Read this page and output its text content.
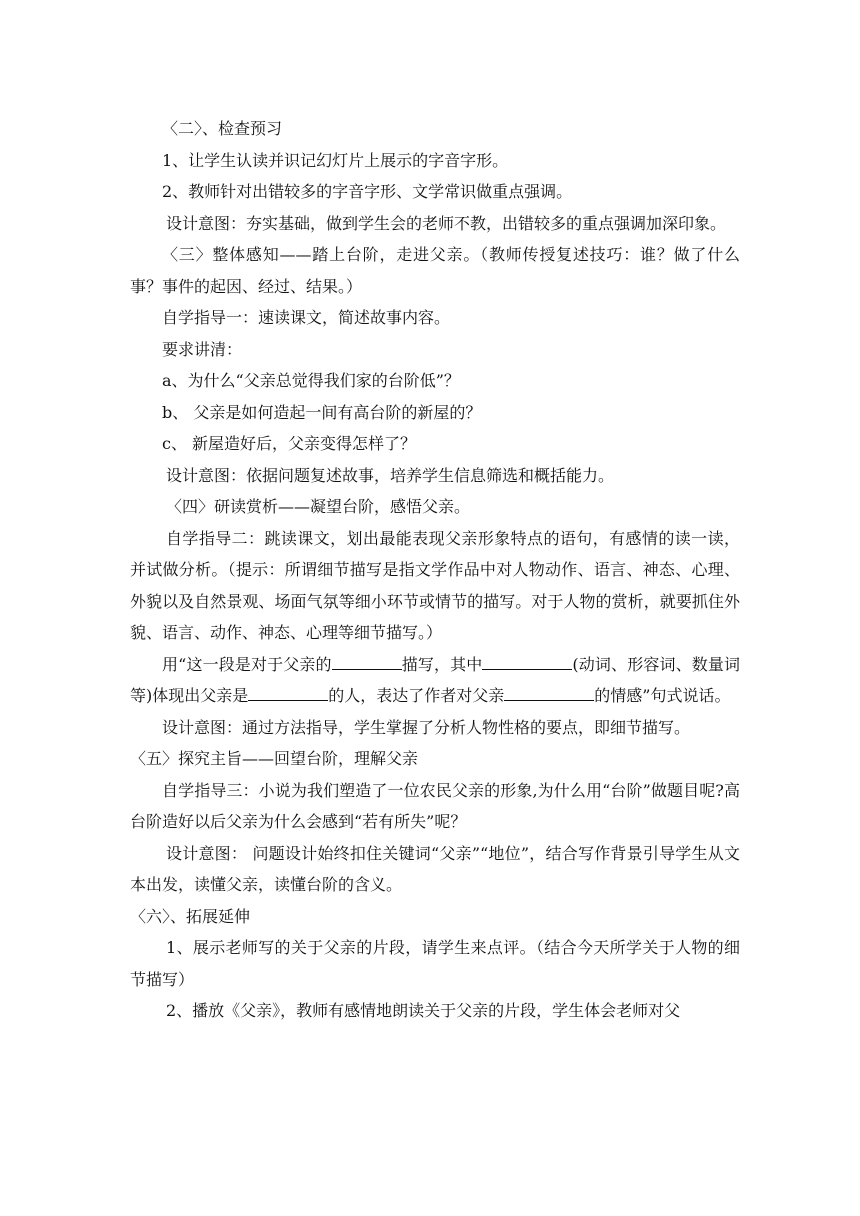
〈二〉、检查预习

1、让学生认读并识记幻灯片上展示的字音字形。

2、教师针对出错较多的字音字形、文学常识做重点强调。

设计意图：夯实基础，做到学生会的老师不教，出错较多的重点强调加深印象。

〈三〉整体感知——踏上台阶，走进父亲。（教师传授复述技巧：谁？做了什么事？事件的起因、经过、结果。）

自学指导一：速读课文，简述故事内容。

要求讲清：

a、为什么“父亲总觉得我们家的台阶低”？

b、 父亲是如何造起一间有高台阶的新屋的？

c、 新屋造好后，父亲变得怎样了？

设计意图：依据问题复述故事，培养学生信息筛选和概括能力。

〈四〉研读赏析——凝望台阶，感悟父亲。

自学指导二：跳读课文，划出最能表现父亲形象特点的语句，有感情的读一读，并试做分析。（提示：所谓细节描写是指文学作品中对人物动作、语言、神态、心理、外貌以及自然景观、场面气氛等细小环节或情节的描写。对于人物的赏析，就要抓住外貌、语言、动作、神态、心理等细节描写。）

用“这一段是对于父亲的	描写，其中	(动词、形容词、数量词等)体现出父亲是	的人，表达了作者对父亲	的情感”句式说话。

设计意图：通过方法指导，学生掌握了分析人物性格的要点，即细节描写。

〈五〉探究主旨——回望台阶，理解父亲

自学指导三：小说为我们塑造了一位农民父亲的形象,为什么用“台阶”做题目呢?高台阶造好以后父亲为什么会感到“若有所失”呢？

设计意图： 问题设计始终扣住关键词“父亲”“地位”，结合写作背景引导学生从文本出发，读懂父亲，读懂台阶的含义。

〈六〉、拓展延伸

1、展示老师写的关于父亲的片段，请学生来点评。（结合今天所学关于人物的细节描写）

2、播放《父亲》，教师有感情地朗读关于父亲的片段，学生体会老师对父
